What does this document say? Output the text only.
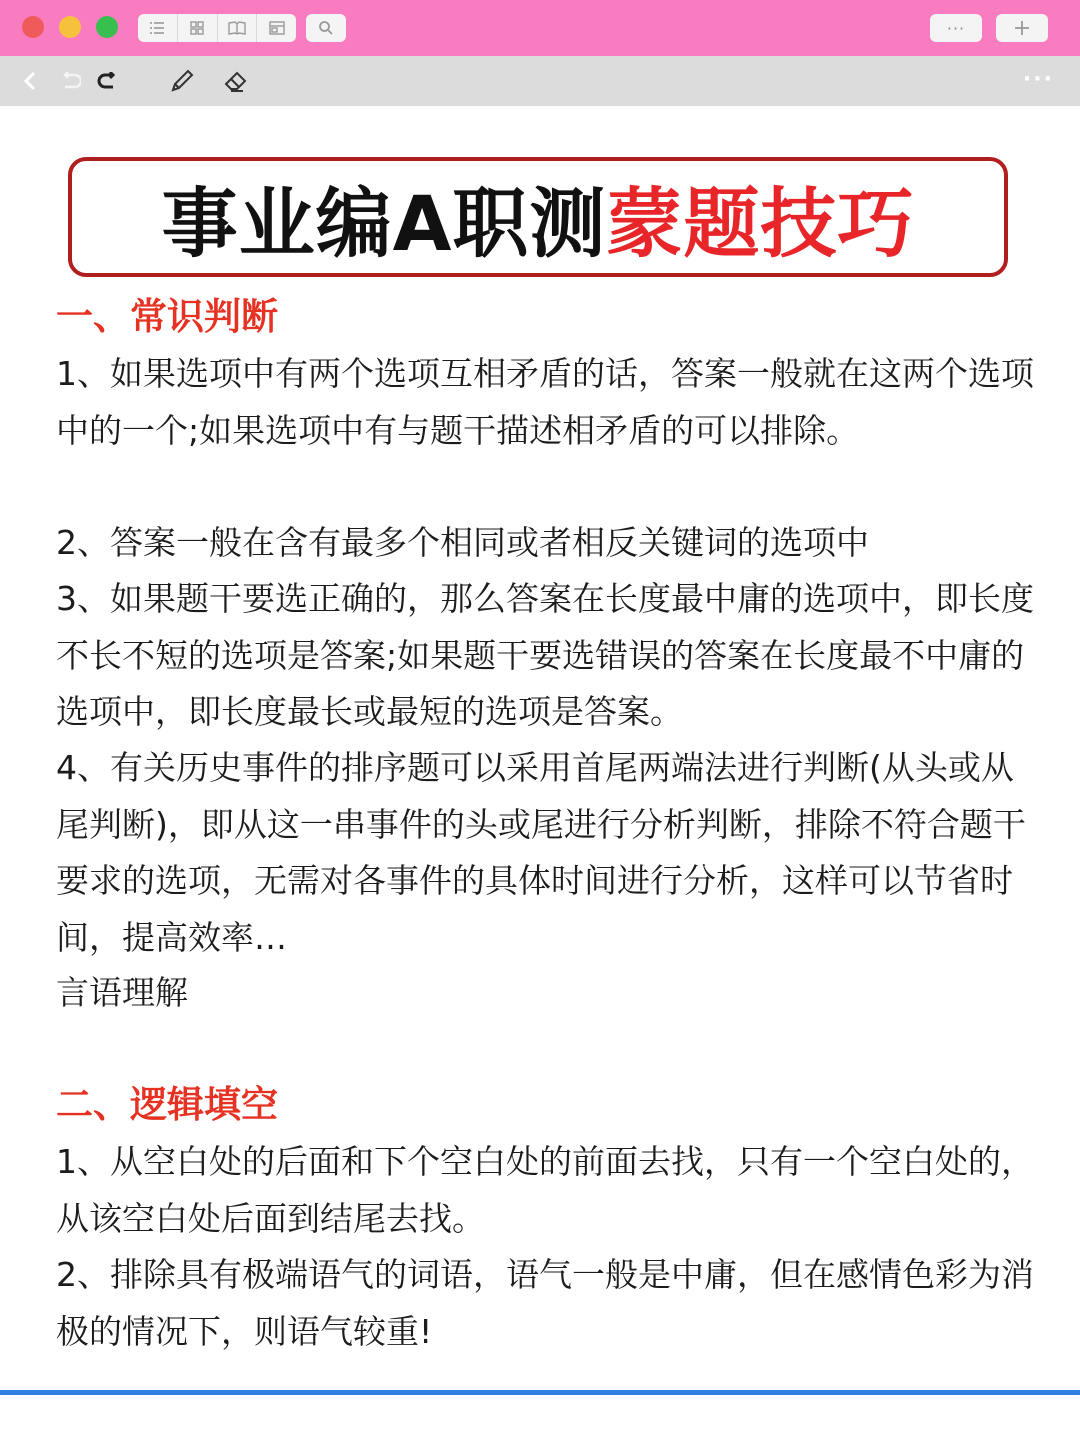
···
···
事业编A职测 蒙题技巧
一、常识判断
1、如果选项中有两个选项互相矛盾的话，答案一般就在这两个选项中的一个;如果选项中有与题干描述相矛盾的可以排除。
2、答案一般在含有最多个相同或者相反关键词的选项中
3、如果题干要选正确的，那么答案在长度最中庸的选项中，即长度不长不短的选项是答案;如果题干要选错误的答案在长度最不中庸的选项中，即长度最长或最短的选项是答案。
4、有关历史事件的排序题可以采用首尾两端法进行判断(从头或从尾判断)，即从这一串事件的头或尾进行分析判断，排除不符合题干要求的选项，无需对各事件的具体时间进行分析，这样可以节省时间，提高效率…
言语理解
二、逻辑填空
1、从空白处的后面和下个空白处的前面去找，只有一个空白处的，从该空白处后面到结尾去找。
2、排除具有极端语气的词语，语气一般是中庸，但在感情色彩为消极的情况下，则语气较重!
